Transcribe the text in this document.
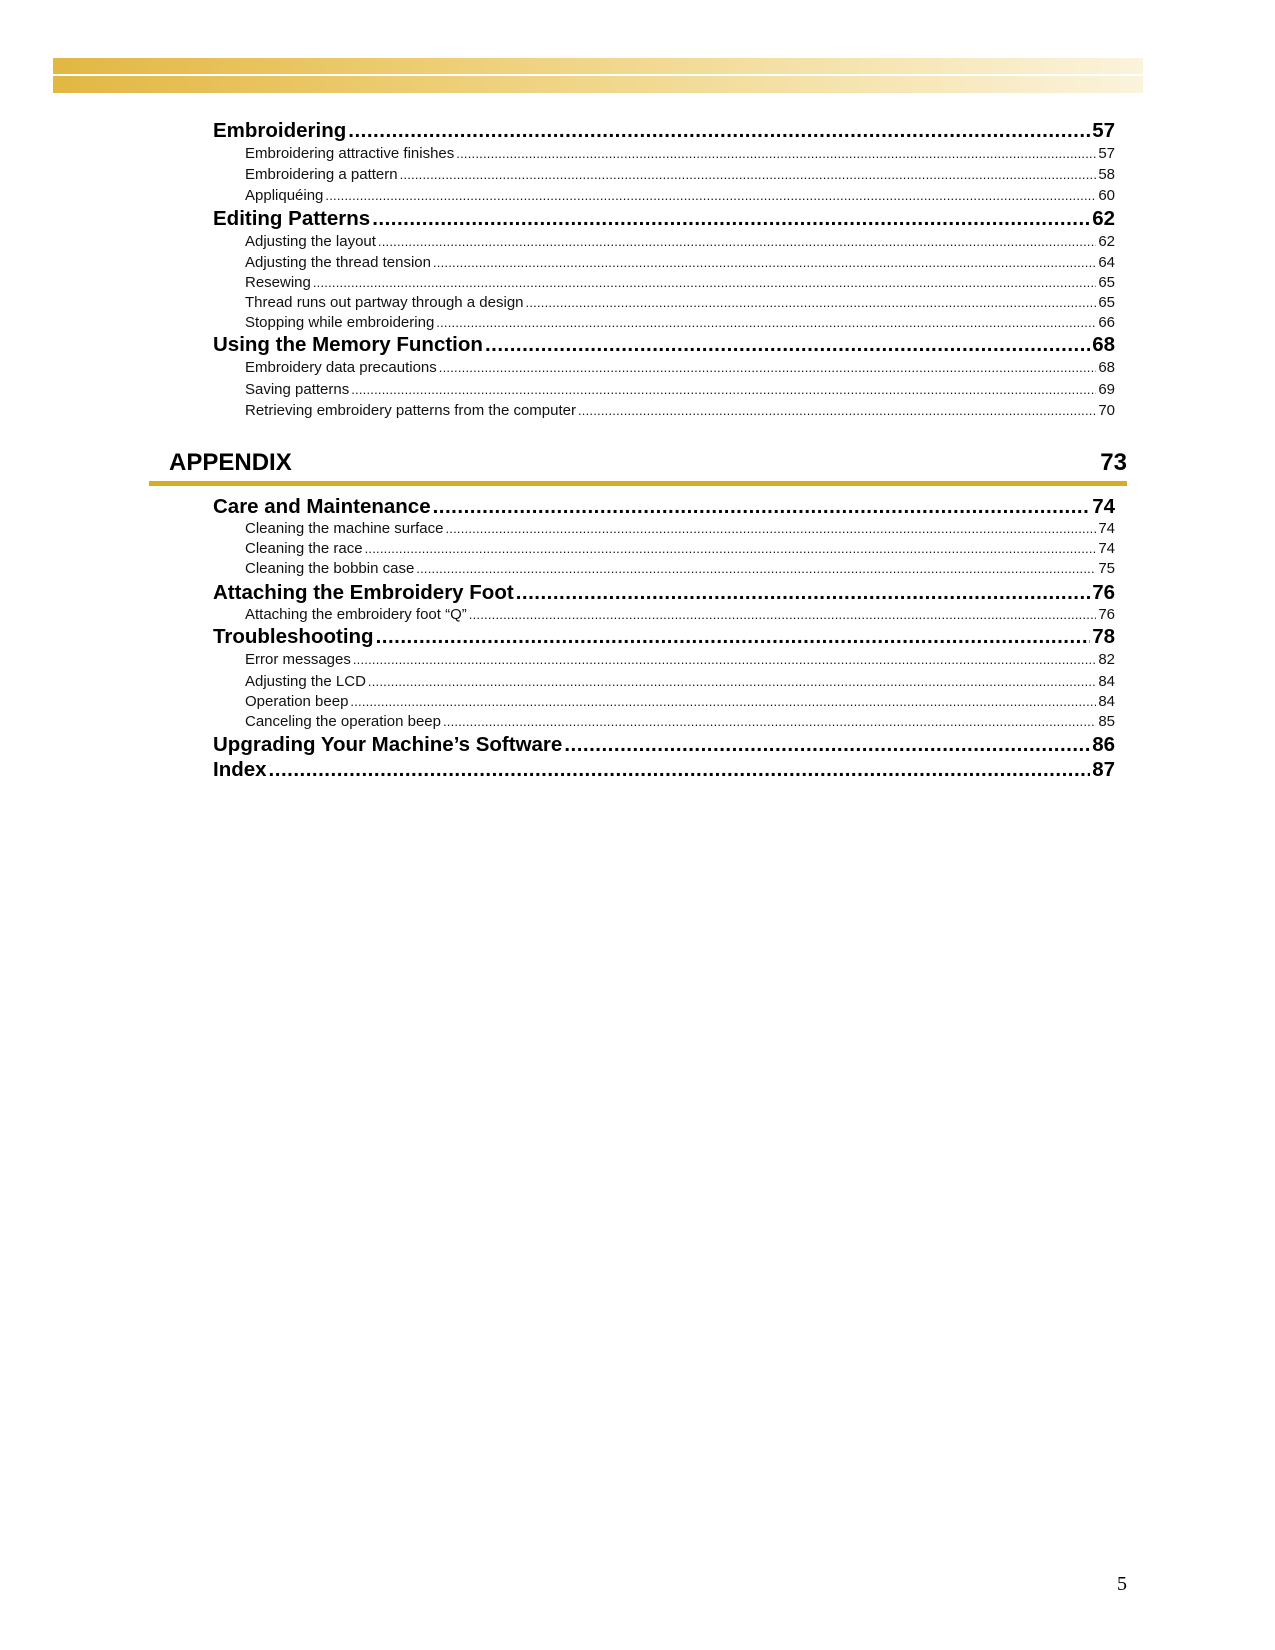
Embroidering .....	57
Embroidering attractive finishes .....	57
Embroidering a pattern .....	58
Appliquéing .....	60
Editing Patterns .....	62
Adjusting the layout .....	62
Adjusting the thread tension .....	64
Resewing .....	65
Thread runs out partway through a design .....	65
Stopping while embroidering .....	66
Using the Memory Function .....	68
Embroidery data precautions .....	68
Saving patterns .....	69
Retrieving embroidery patterns from the computer .....	70
APPENDIX	73
Care and Maintenance .....	74
Cleaning the machine surface .....	74
Cleaning the race .....	74
Cleaning the bobbin case .....	75
Attaching the Embroidery Foot .....	76
Attaching the embroidery foot “Q” .....	76
Troubleshooting .....	78
Error messages .....	82
Adjusting the LCD .....	84
Operation beep .....	84
Canceling the operation beep .....	85
Upgrading Your Machine’s Software .....	86
Index .....	87
5
